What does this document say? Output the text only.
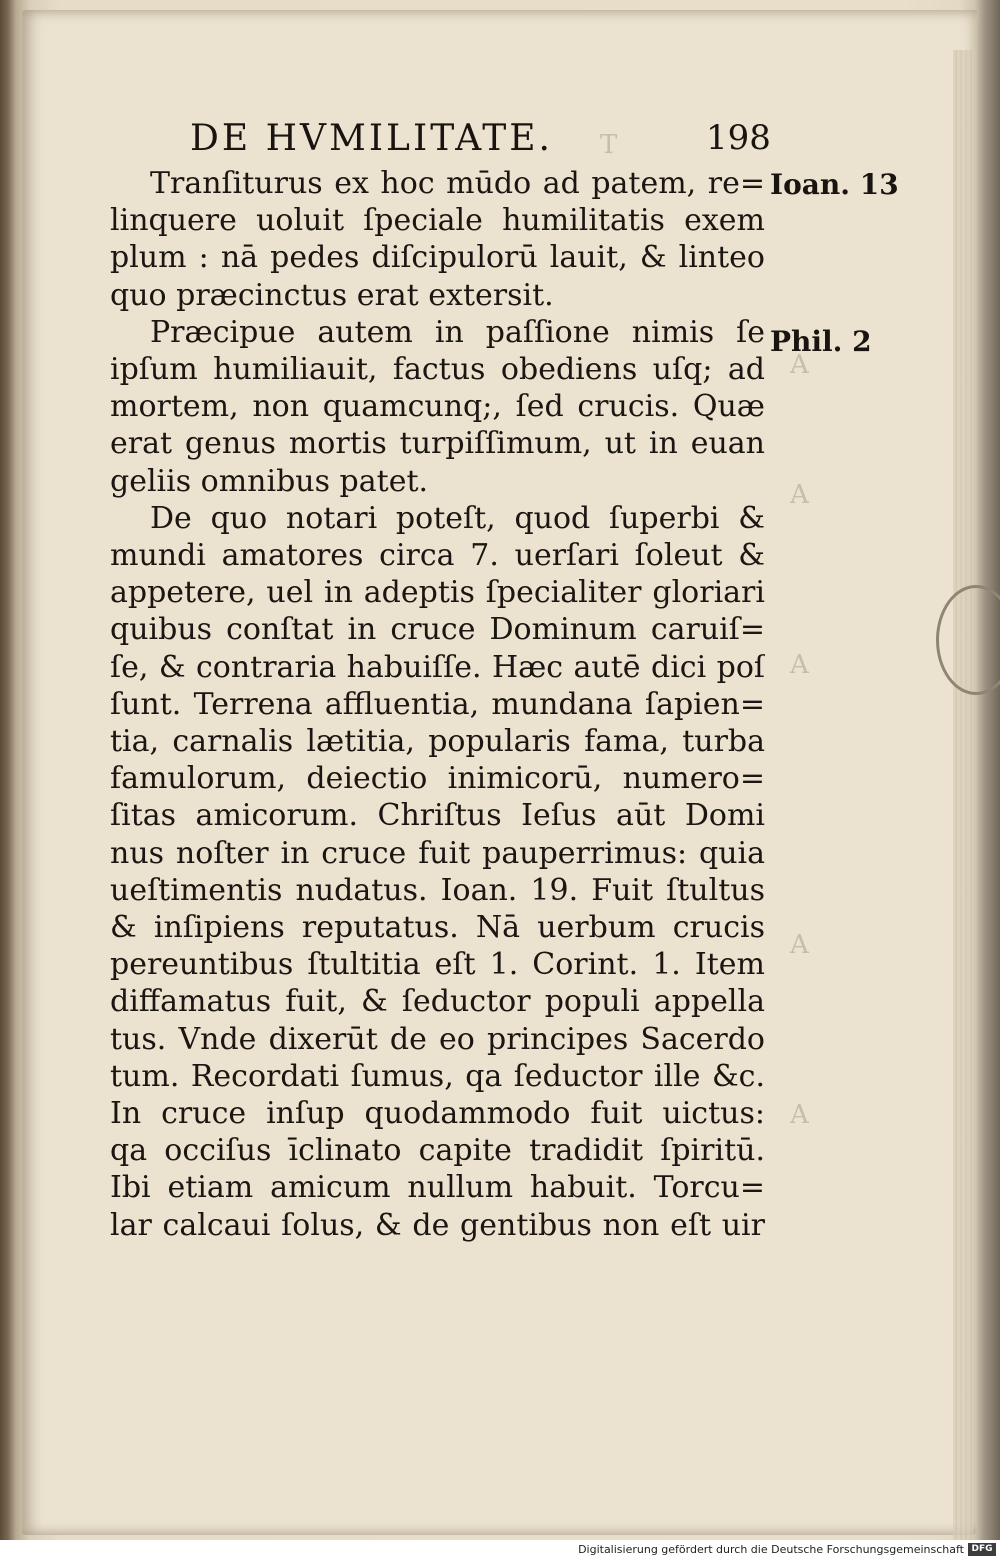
T
A
A
A
A
A
DE HVMILITATE.	198
Tranſiturus ex hoc mūdo ad patem, re=
linquere uoluit ſpeciale humilitatis exem
plum : nā pedes diſcipulorū lauit, & linteo
quo præcinctus erat extersit.
Præcipue autem in paſſione nimis ſe
ipſum humiliauit, factus obediens uſq; ad
mortem, non quamcunq;, ſed crucis. Quæ
erat genus mortis turpiſſimum, ut in euan
geliis omnibus patet.
De quo notari poteſt, quod ſuperbi &
mundi amatores circa 7. uerſari ſoleut &
appetere, uel in adeptis ſpecialiter gloriari
quibus conſtat in cruce Dominum caruiſ=
ſe, & contraria habuiſſe. Hæc autē dici poſ
ſunt. Terrena affluentia, mundana ſapien=
tia, carnalis lætitia, popularis fama, turba
famulorum, deiectio inimicorū, numero=
ſitas amicorum. Chriſtus Ieſus aūt Domi
nus noſter in cruce fuit pauperrimus: quia
ueſtimentis nudatus. Ioan. 19. Fuit ſtultus
& inſipiens reputatus. Nā uerbum crucis
pereuntibus ſtultitia eſt 1. Corint. 1. Item
diffamatus fuit, & ſeductor populi appella
tus. Vnde dixerūt de eo principes Sacerdo
tum. Recordati ſumus, qa ſeductor ille &c.
In cruce inſup quodammodo fuit uictus:
qa occiſus īclinato capite tradidit ſpiritū.
Ibi etiam amicum nullum habuit. Torcu=
lar calcaui ſolus, & de gentibus non eſt uir
Ioan. 13
Phil. 2
Digitalisierung gefördert durch die Deutsche Forschungsgemeinschaft DFG
